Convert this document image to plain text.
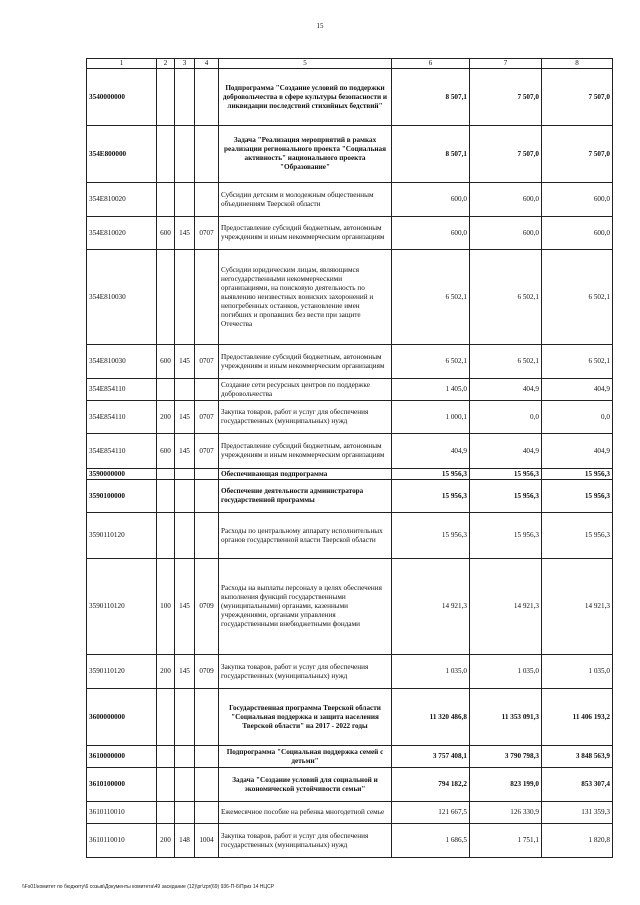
15
1	2	3	4	5	6	7	8
3540000000				Подпрограмма "Создание условий по поддержки добровольчества в сфере культуры безопасности и ликвидации последствий стихийных бедствий"	8 507,1	7 507,0	7 507,0
354E800000				Задача "Реализация мероприятий в рамках реализации регионального проекта "Социальная активность" национального проекта "Образование"	8 507,1	7 507,0	7 507,0
354E810020				Субсидии детским и молодежным общественным объединениям Тверской области	600,0	600,0	600,0
354E810020	600	145	0707	Предоставление субсидий бюджетным, автономным учреждениям и иным некоммерческим организациям	600,0	600,0	600,0
354E810030				Субсидии юридическим лицам, являющимся негосударственными некоммерческими организациями, на поисковую деятельность по выявлению неизвестных воинских захоронений и непогребенных останков, установление имен погибших и пропавших без вести при защите Отечества	6 502,1	6 502,1	6 502,1
354E810030	600	145	0707	Предоставление субсидий бюджетным, автономным учреждениям и иным некоммерческим организациям	6 502,1	6 502,1	6 502,1
354E854110				Создание сети ресурсных центров по поддержке добровольчества	1 405,0	404,9	404,9
354E854110	200	145	0707	Закупка товаров, работ и услуг для обеспечения государственных (муниципальных) нужд	1 000,1	0,0	0,0
354E854110	600	145	0707	Предоставление субсидий бюджетным, автономным учреждениям и иным некоммерческим организациям	404,9	404,9	404,9
3590000000				Обеспечивающая подпрограмма	15 956,3	15 956,3	15 956,3
3590100000				Обеспечение деятельности администратора государственной программы	15 956,3	15 956,3	15 956,3
3590110120				Расходы по центральному аппарату исполнительных органов государственной власти Тверской области	15 956,3	15 956,3	15 956,3
3590110120	100	145	0709	Расходы на выплаты персоналу в целях обеспечения выполнения функций государственными (муниципальными) органами, казенными учреждениями, органами управления государственными внебюджетными фондами	14 921,3	14 921,3	14 921,3
3590110120	200	145	0709	Закупка товаров, работ и услуг для обеспечения государственных (муниципальных) нужд	1 035,0	1 035,0	1 035,0
3600000000				Государственная программа Тверской области "Социальная поддержка и защита населения Тверской области" на 2017 - 2022 годы	11 320 486,8	11 353 091,3	11 406 193,2
3610000000				Подпрограмма "Социальная поддержка семей с детьми"	3 757 408,1	3 790 798,3	3 848 563,9
3610100000				Задача "Создание условий для социальной и экономической устойчивости семьи"	794 182,2	823 199,0	853 307,4
3610110010				Ежемесячное пособие на ребенка многодетной семье	121 667,5	126 330,9	131 359,3
3610110010	200	148	1004	Закупка товаров, работ и услуг для обеспечения государственных (муниципальных) нужд	1 686,5	1 751,1	1 820,8
\\Fs01\комитет по бюджету\6 созыв\Документы комитета\49 заседание (12)\pr\zpr(69) 936-П-6\Приз 14 НЦСР
